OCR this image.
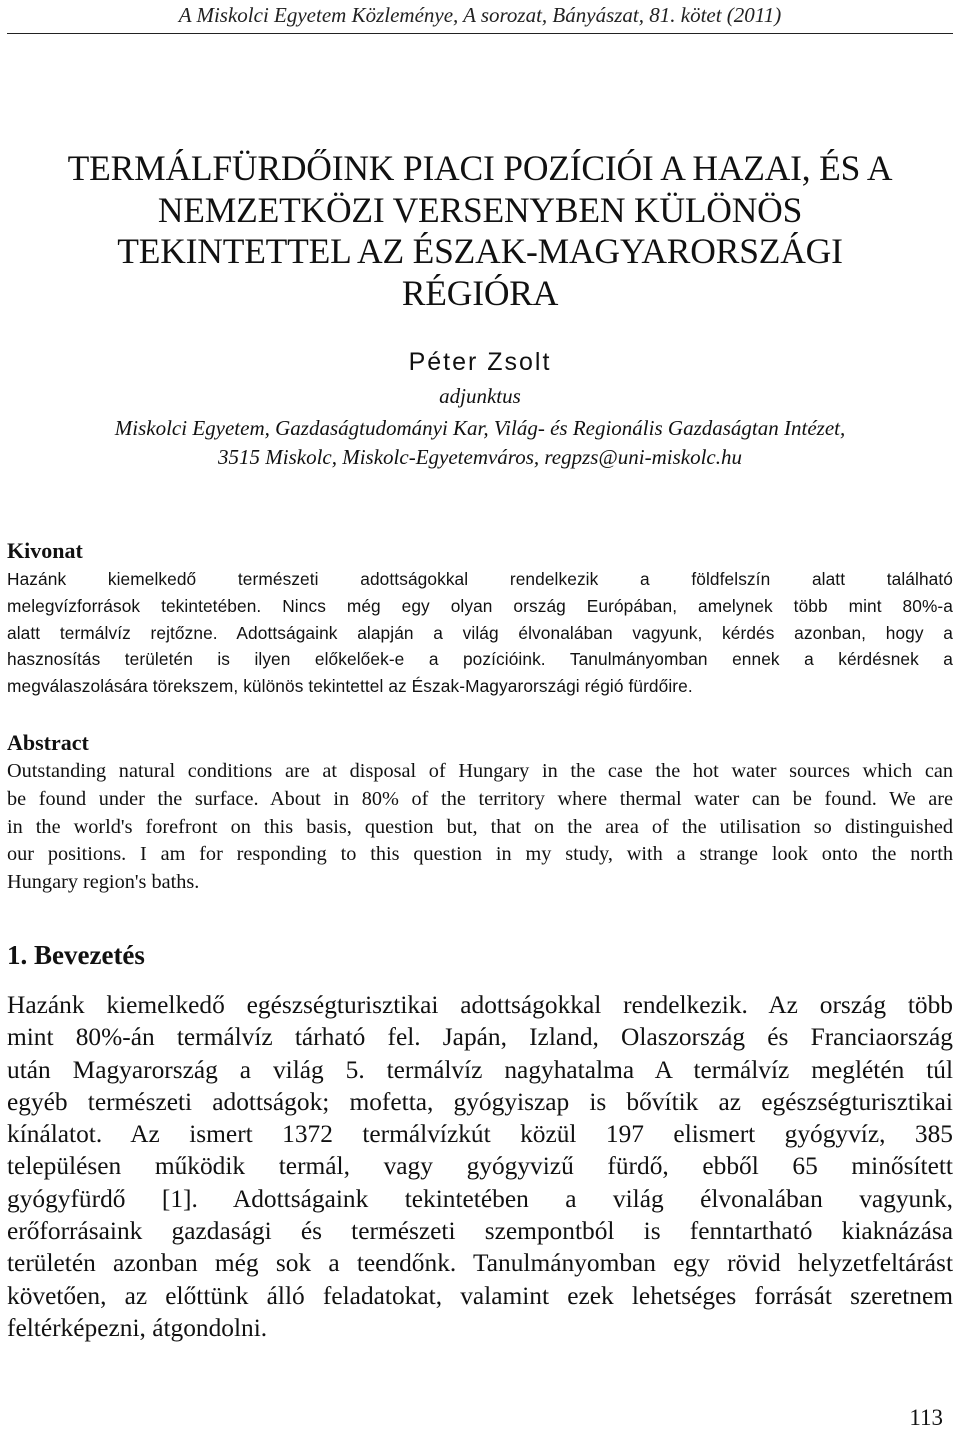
A Miskolci Egyetem Közleménye, A sorozat, Bányászat, 81. kötet (2011)
TERMÁLFÜRDŐINK PIACI POZÍCIÓI A HAZAI, ÉS A
NEMZETKÖZI VERSENYBEN KÜLÖNÖS
TEKINTETTEL AZ ÉSZAK-MAGYARORSZÁGI
RÉGIÓRA
Péter Zsolt
adjunktus
Miskolci Egyetem, Gazdaságtudományi Kar, Világ- és Regionális Gazdaságtan Intézet,
3515 Miskolc, Miskolc-Egyetemváros, regpzs@uni-miskolc.hu
Kivonat

Hazánk kiemelkedő természeti adottságokkal rendelkezik a földfelszín alatt található
melegvízforrások tekintetében. Nincs még egy olyan ország Európában, amelynek több mint 80%-a
alatt termálvíz rejtőzne. Adottságaink alapján a világ élvonalában vagyunk, kérdés azonban, hogy a
hasznosítás területén is ilyen előkelőek-e a pozícióink. Tanulmányomban ennek a kérdésnek a
megválaszolására törekszem, különös tekintettel az Észak-Magyarországi régió fürdőire.

Abstract

Outstanding natural conditions are at disposal of Hungary in the case the hot water sources which can
be found under the surface. About in 80% of the territory where thermal water can be found. We are
in the world's forefront on this basis, question but, that on the area of the utilisation so distinguished
our positions. I am for responding to this question in my study, with a strange look onto the north
Hungary region's baths.

1. Bevezetés

Hazánk kiemelkedő egészségturisztikai adottságokkal rendelkezik. Az ország több
mint 80%-án termálvíz tárható fel. Japán, Izland, Olaszország és Franciaország
után Magyarország a világ 5. termálvíz nagyhatalma A termálvíz meglétén túl
egyéb természeti adottságok; mofetta, gyógyiszap is bővítik az egészségturisztikai
kínálatot. Az ismert 1372 termálvízkút közül 197 elismert gyógyvíz, 385
településen működik termál, vagy gyógyvizű fürdő, ebből 65 minősített
gyógyfürdő [1]. Adottságaink tekintetében a világ élvonalában vagyunk,
erőforrásaink gazdasági és természeti szempontból is fenntartható kiaknázása
területén azonban még sok a teendőnk. Tanulmányomban egy rövid helyzetfeltárást
követően, az előttünk álló feladatokat, valamint ezek lehetséges forrását szeretnem
feltérképezni, átgondolni.

113
